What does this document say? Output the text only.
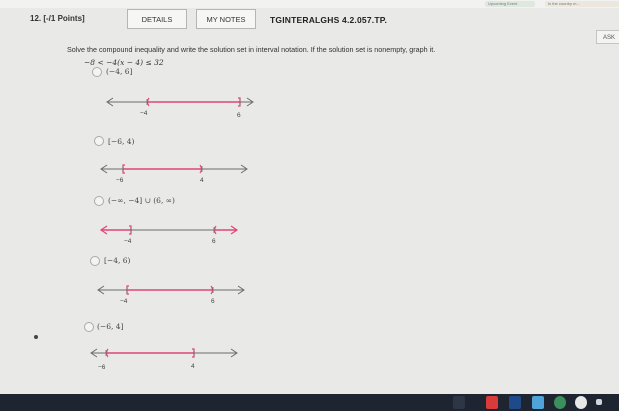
Upcoming Event	Is the country m...
12. [-/1 Points]	DETAILS	MY NOTES	TGINTERALGHS 4.2.057.TP.
ASK
Solve the compound inequality and write the solution set in interval notation. If the solution set is nonempty, graph it.
−8 < −4(x − 4) ≤ 32
(−4, 6]
−4	6
[−6, 4)
−6	4
(−∞, −4] ∪ (6, ∞)
−4	6
[−4, 6)
−4	6
(−6, 4]
−6	4
